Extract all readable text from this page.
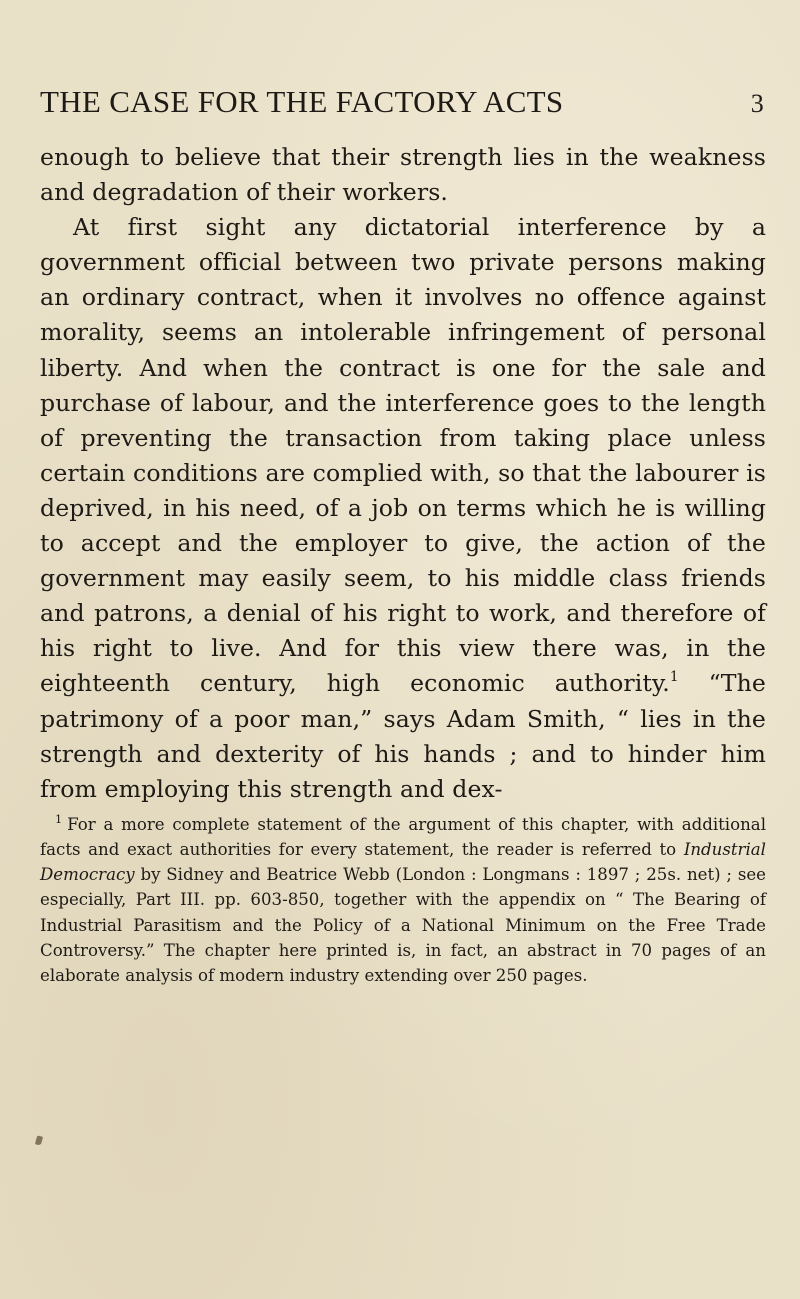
THE CASE FOR THE FACTORY ACTS	3

enough to believe that their strength lies in the weakness and degradation of their workers.

At first sight any dictatorial interference by a government official between two private persons making an ordinary contract, when it involves no offence against morality, seems an intolerable infringement of personal liberty. And when the contract is one for the sale and purchase of labour, and the interference goes to the length of preventing the transaction from taking place unless certain conditions are complied with, so that the labourer is deprived, in his need, of a job on terms which he is willing to accept and the employer to give, the action of the government may easily seem, to his middle class friends and patrons, a denial of his right to work, and therefore of his right to live. And for this view there was, in the eighteenth century, high economic authority.$^1$ “The patrimony of a poor man,” says Adam Smith, “ lies in the strength and dexterity of his hands ; and to hinder him from employing this strength and dex-

$^1$ For a more complete statement of the argument of this chapter, with additional facts and exact authorities for every statement, the reader is referred to Industrial Democracy by Sidney and Beatrice Webb (London : Longmans : 1897 ; 25s. net) ; see especially, Part III. pp. 603-850, together with the appendix on “ The Bearing of Industrial Parasitism and the Policy of a National Minimum on the Free Trade Controversy.” The chapter here printed is, in fact, an abstract in 70 pages of an elaborate analysis of modern industry extending over 250 pages.
